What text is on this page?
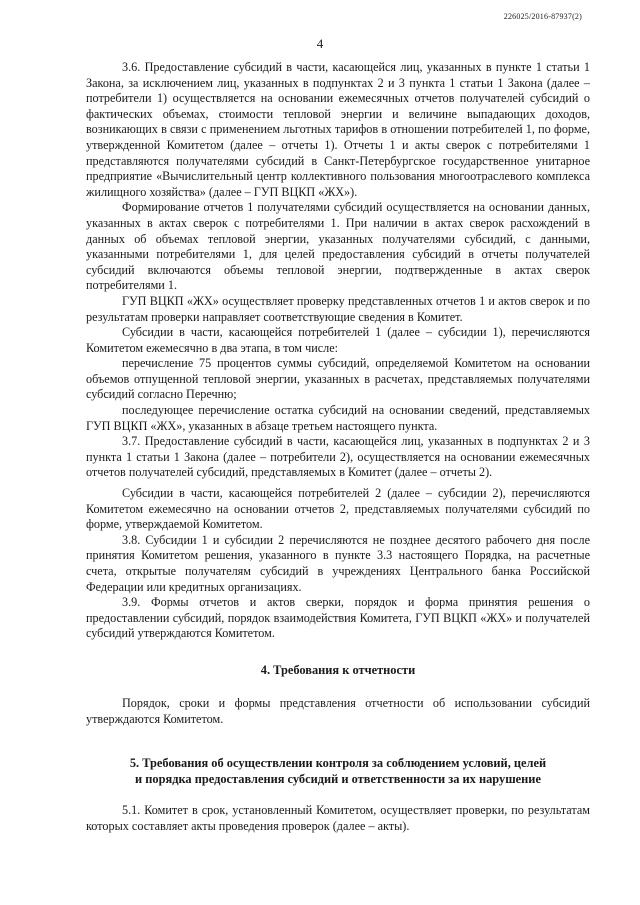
226025/2016-87937(2)
4

3.6. Предоставление субсидий в части, касающейся лиц, указанных в пункте 1 статьи 1 Закона, за исключением лиц, указанных в подпунктах 2 и 3 пункта 1 статьи 1 Закона (далее – потребители 1) осуществляется на основании ежемесячных отчетов получателей субсидий о фактических объемах, стоимости тепловой энергии и величине выпадающих доходов, возникающих в связи с применением льготных тарифов в отношении потребителей 1, по форме, утвержденной Комитетом (далее – отчеты 1). Отчеты 1 и акты сверок с потребителями 1 представляются получателями субсидий в Санкт-Петербургское государственное унитарное предприятие «Вычислительный центр коллективного пользования многоотраслевого комплекса жилищного хозяйства» (далее – ГУП ВЦКП «ЖХ»).

Формирование отчетов 1 получателями субсидий осуществляется на основании данных, указанных в актах сверок с потребителями 1. При наличии в актах сверок расхождений в данных об объемах тепловой энергии, указанных получателями субсидий, с данными, указанными потребителями 1, для целей предоставления субсидий в отчеты получателей субсидий включаются объемы тепловой энергии, подтвержденные в актах сверок потребителями 1.

ГУП ВЦКП «ЖХ» осуществляет проверку представленных отчетов 1 и актов сверок и по результатам проверки направляет соответствующие сведения в Комитет.

Субсидии в части, касающейся потребителей 1 (далее – субсидии 1), перечисляются Комитетом ежемесячно в два этапа, в том числе:

перечисление 75 процентов суммы субсидий, определяемой Комитетом на основании объемов отпущенной тепловой энергии, указанных в расчетах, представляемых получателями субсидий согласно Перечню;

последующее перечисление остатка субсидий на основании сведений, представляемых ГУП ВЦКП «ЖХ», указанных в абзаце третьем настоящего пункта.

3.7. Предоставление субсидий в части, касающейся лиц, указанных в подпунктах 2 и 3 пункта 1 статьи 1 Закона (далее – потребители 2), осуществляется на основании ежемесячных отчетов получателей субсидий, представляемых в Комитет (далее – отчеты 2).

Субсидии в части, касающейся потребителей 2 (далее – субсидии 2), перечисляются Комитетом ежемесячно на основании отчетов 2, представляемых получателями субсидий по форме, утверждаемой Комитетом.

3.8. Субсидии 1 и субсидии 2 перечисляются не позднее десятого рабочего дня после принятия Комитетом решения, указанного в пункте 3.3 настоящего Порядка, на расчетные счета, открытые получателям субсидий в учреждениях Центрального банка Российской Федерации или кредитных организациях.

3.9. Формы отчетов и актов сверки, порядок и форма принятия решения о предоставлении субсидий, порядок взаимодействия Комитета, ГУП ВЦКП «ЖХ» и получателей субсидий утверждаются Комитетом.

4. Требования к отчетности

Порядок, сроки и формы представления отчетности об использовании субсидий утверждаются Комитетом.

5. Требования об осуществлении контроля за соблюдением условий, целей
и порядка предоставления субсидий и ответственности за их нарушение

5.1. Комитет в срок, установленный Комитетом, осуществляет проверки, по результатам которых составляет акты проведения проверок (далее – акты).
